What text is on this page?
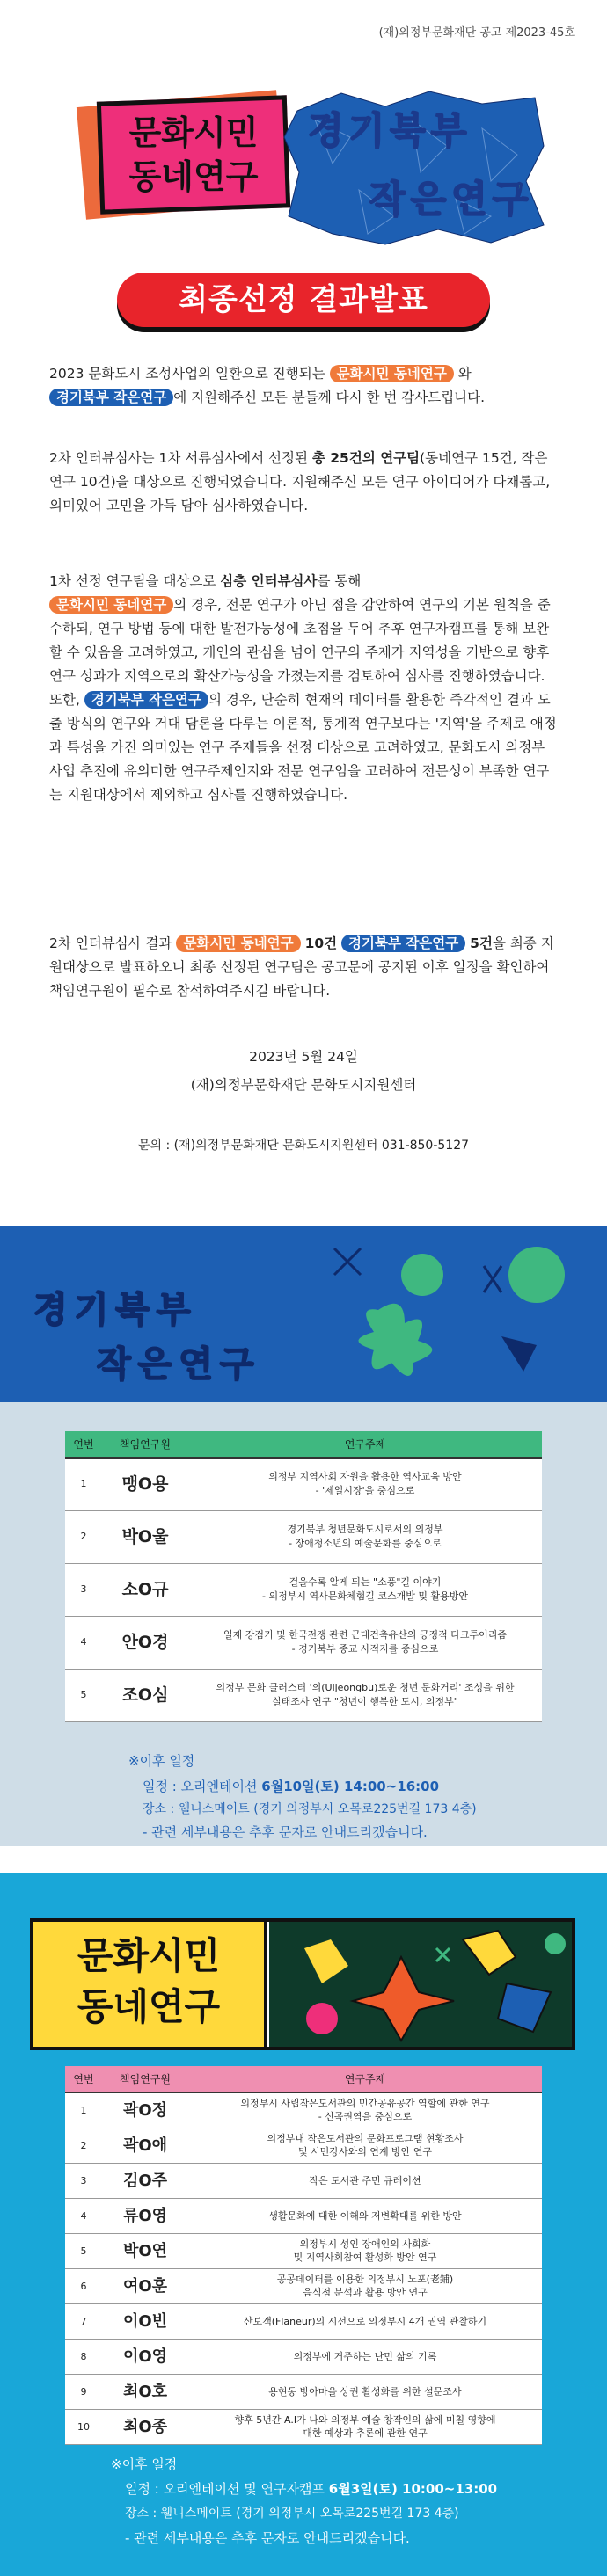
(재)의정부문화재단 공고 제2023-45호
문화시민
동네연구
경기북부
작은연구
최종선정 결과발표
2023 문화도시 조성사업의 일환으로 진행되는 문화시민 동네연구 와
경기북부 작은연구 에 지원해주신 모든 분들께 다시 한 번 감사드립니다.
2차 인터뷰심사는 1차 서류심사에서 선정된 총 25건의 연구팀(동네연구 15건, 작은연구 10건)을 대상으로 진행되었습니다. 지원해주신 모든 연구 아이디어가 다채롭고, 의미있어 고민을 가득 담아 심사하였습니다.
1차 선정 연구팀을 대상으로 심층 인터뷰심사를 통해
문화시민 동네연구 의 경우, 전문 연구가 아닌 점을 감안하여 연구의 기본 원칙을 준수하되, 연구 방법 등에 대한 발전가능성에 초점을 두어 추후 연구자캠프를 통해 보완할 수 있음을 고려하였고, 개인의 관심을 넘어 연구의 주제가 지역성을 기반으로 향후 연구 성과가 지역으로의 확산가능성을 가졌는지를 검토하여 심사를 진행하였습니다.
또한, 경기북부 작은연구 의 경우, 단순히 현재의 데이터를 활용한 즉각적인 결과 도출 방식의 연구와 거대 담론을 다루는 이론적, 통계적 연구보다는 '지역'을 주제로 애정과 특성을 가진 의미있는 연구 주제들을 선정 대상으로 고려하였고, 문화도시 의정부 사업 추진에 유의미한 연구주제인지와 전문 연구임을 고려하여 전문성이 부족한 연구는 지원대상에서 제외하고 심사를 진행하였습니다.
2차 인터뷰심사 결과 문화시민 동네연구 10건 경기북부 작은연구 5건을 최종 지원대상으로 발표하오니 최종 선정된 연구팀은 공고문에 공지된 이후 일정을 확인하여 책임연구원이 필수로 참석하여주시길 바랍니다.
2023년 5월 24일
(재)의정부문화재단 문화도시지원센터
문의 : (재)의정부문화재단 문화도시지원센터 031-850-5127
경기북부
작은연구
연번	책임연구원	연구주제
1	맹O용	의정부 지역사회 자원을 활용한 역사교육 방안
- '제일시장'을 중심으로

2	박O울	경기북부 청년문화도시로서의 의정부
- 장애청소년의 예술문화를 중심으로

3	소O규	걸을수록 알게 되는 "소풍"길 이야기
- 의정부시 역사문화체험길 코스개발 및 활용방안

4	안O경	일제 강점기 및 한국전쟁 관련 근대건축유산의 긍정적 다크투어리즘
- 경기북부 종교 사적지를 중심으로

5	조O심	의정부 문화 클러스터 '의(Uijeongbu)로운 청년 문화거리' 조성을 위한
실태조사 연구 "청년이 행복한 도시, 의정부"
※이후 일정
일정 : 오리엔테이션 6월10일(토) 14:00~16:00
장소 : 웰니스메이트 (경기 의정부시 오목로225번길 173 4층)
- 관련 세부내용은 추후 문자로 안내드리겠습니다.
문화시민
동네연구
연번	책임연구원	연구주제
1	곽O정	의정부시 사립작은도서관의 민간공유공간 역할에 관한 연구
- 신곡권역을 중심으로

2	곽O애	의정부내 작은도서관의 문화프로그램 현황조사
및 시민강사와의 연계 방안 연구

3	김O주	작은 도서관 주민 큐레이션

4	류O영	생활문화에 대한 이해와 저변확대를 위한 방안

5	박O연	의정부시 성인 장애인의 사회화
및 지역사회참여 활성화 방안 연구

6	여O훈	공공데이터를 이용한 의정부시 노포(老鋪)
음식점 분석과 활용 방안 연구

7	이O빈	산보객(Flaneur)의 시선으로 의정부시 4개 권역 관찰하기

8	이O영	의정부에 거주하는 난민 삶의 기록

9	최O호	용현동 방아마을 상권 활성화를 위한 설문조사

10	최O종	향후 5년간 A.I가 나와 의정부 예술 창작인의 삶에 미칠 영향에
대한 예상과 추론에 관한 연구
※이후 일정
일정 : 오리엔테이션 및 연구자캠프 6월3일(토) 10:00~13:00
장소 : 웰니스메이트 (경기 의정부시 오목로225번길 173 4층)
- 관련 세부내용은 추후 문자로 안내드리겠습니다.
